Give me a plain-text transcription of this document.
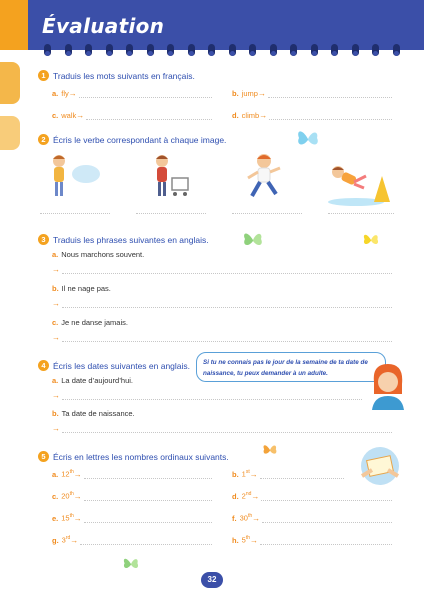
Évaluation
1 Traduis les mots suivants en français.
a. fly →	b. jump →
c. walk →	d. climb →
2 Écris le verbe correspondant à chaque image.
3 Traduis les phrases suivantes en anglais.
a. Nous marchons souvent.
→
b. Il ne nage pas.
→
c. Je ne danse jamais.
→
4 Écris les dates suivantes en anglais.	Si tu ne connais pas le jour de la semaine de ta date de naissance, tu peux demander à un adulte.
a. La date d’aujourd’hui.
→
b. Ta date de naissance.
→
5 Écris en lettres les nombres ordinaux suivants.
a. 12th →	b. 1st →
c. 20th →	d. 2nd →
e. 15th →	f. 30th →
g. 3rd →	h. 5th →
32
